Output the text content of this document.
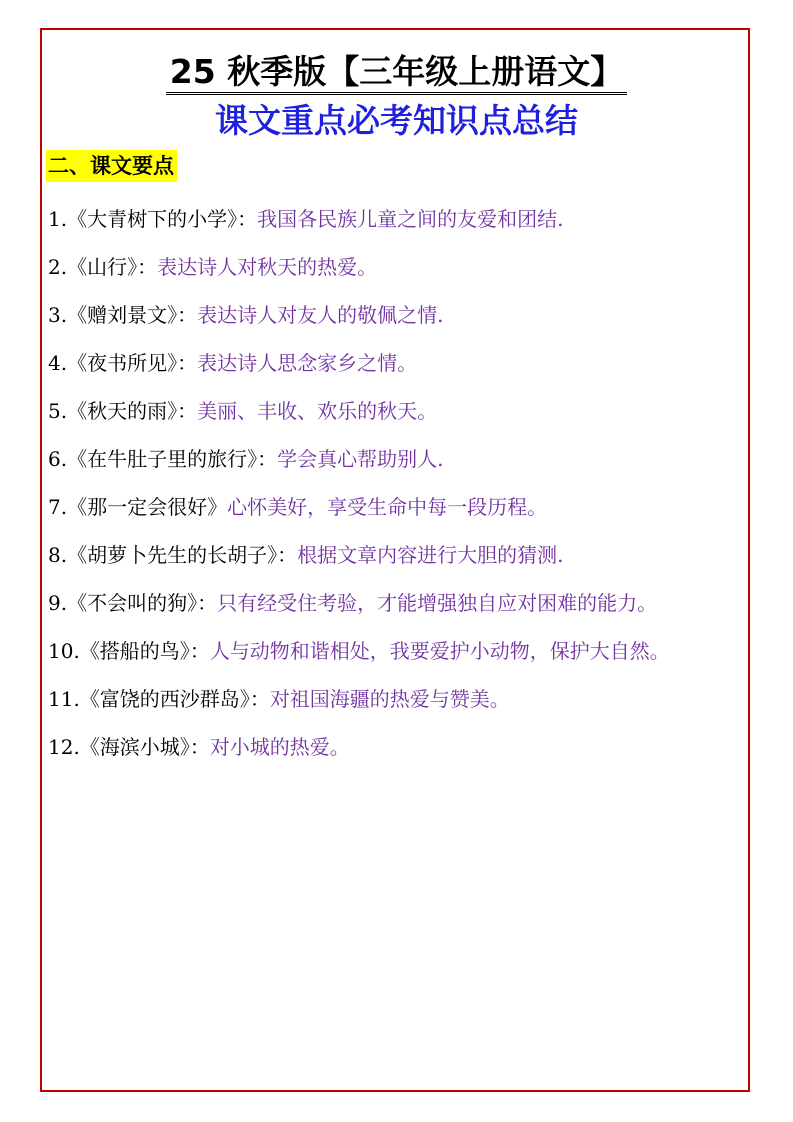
25 秋季版【三年级上册语文】
课文重点必考知识点总结
二、课文要点
1.《大青树下的小学》：我国各民族儿童之间的友爱和团结.
2.《山行》：表达诗人对秋天的热爱。
3.《赠刘景文》：表达诗人对友人的敬佩之情.
4.《夜书所见》：表达诗人思念家乡之情。
5.《秋天的雨》：美丽、丰收、欢乐的秋天。
6.《在牛肚子里的旅行》：学会真心帮助别人.
7.《那一定会很好》心怀美好，享受生命中每一段历程。
8.《胡萝卜先生的长胡子》：根据文章内容进行大胆的猜测.
9.《不会叫的狗》：只有经受住考验，才能增强独自应对困难的能力。
10.《搭船的鸟》：人与动物和谐相处，我要爱护小动物，保护大自然。
11.《富饶的西沙群岛》：对祖国海疆的热爱与赞美。
12.《海滨小城》：对小城的热爱。
